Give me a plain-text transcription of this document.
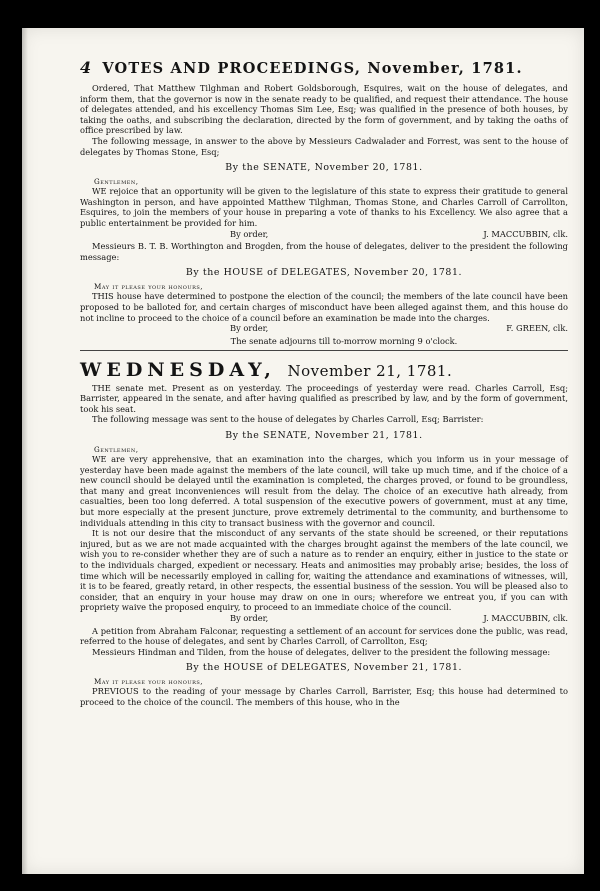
4 VOTES AND PROCEEDINGS, November, 1781.

Ordered, That Matthew Tilghman and Robert Goldsborough, Esquires, wait on the house of delegates, and inform them, that the governor is now in the senate ready to be qualified, and request their attendance. The house of delegates attended, and his excellency Thomas Sim Lee, Esq; was qualified in the presence of both houses, by taking the oaths, and subscribing the declaration, directed by the form of government, and by taking the oaths of office prescribed by law.

The following message, in answer to the above by Messieurs Cadwalader and Forrest, was sent to the house of delegates by Thomas Stone, Esq;

By the SENATE, November 20, 1781.
Gentlemen,

WE rejoice that an opportunity will be given to the legislature of this state to express their gratitude to general Washington in person, and have appointed Matthew Tilghman, Thomas Stone, and Charles Carroll of Carrollton, Esquires, to join the members of your house in preparing a vote of thanks to his Excellency. We also agree that a public entertainment be provided for him.

By order,	J. MACCUBBIN, clk.

Messieurs B. T. B. Worthington and Brogden, from the house of delegates, deliver to the president the following message:

By the HOUSE of DELEGATES, November 20, 1781.
May it please your honours,

THIS house have determined to postpone the election of the council; the members of the late council have been proposed to be balloted for, and certain charges of misconduct have been alleged against them, and this house do not incline to proceed to the choice of a council before an examination be made into the charges.

By order,	F. GREEN, clk.
The senate adjourns till to-morrow morning 9 o'clock.
WEDNESDAY, November 21, 1781.

THE senate met. Present as on yesterday. The proceedings of yesterday were read. Charles Carroll, Esq; Barrister, appeared in the senate, and after having qualified as prescribed by law, and by the form of government, took his seat.

The following message was sent to the house of delegates by Charles Carroll, Esq; Barrister:

By the SENATE, November 21, 1781.
Gentlemen,

WE are very apprehensive, that an examination into the charges, which you inform us in your message of yesterday have been made against the members of the late council, will take up much time, and if the choice of a new council should be delayed until the examination is completed, the charges proved, or found to be groundless, that many and great inconveniences will result from the delay. The choice of an executive hath already, from casualties, been too long deferred. A total suspension of the executive powers of government, must at any time, but more especially at the present juncture, prove extremely detrimental to the community, and burthensome to individuals attending in this city to transact business with the governor and council.

It is not our desire that the misconduct of any servants of the state should be screened, or their reputations injured, but as we are not made acquainted with the charges brought against the members of the late council, we wish you to re-consider whether they are of such a nature as to render an enquiry, either in justice to the state or to the individuals charged, expedient or necessary. Heats and animosities may probably arise; besides, the loss of time which will be necessarily employed in calling for, waiting the attendance and examinations of witnesses, will, it is to be feared, greatly retard, in other respects, the essential business of the session. You will be pleased also to consider, that an enquiry in your house may draw on one in ours; wherefore we entreat you, if you can with propriety waive the proposed enquiry, to proceed to an immediate choice of the council.

By order,	J. MACCUBBIN, clk.

A petition from Abraham Falconar, requesting a settlement of an account for services done the public, was read, referred to the house of delegates, and sent by Charles Carroll, of Carrollton, Esq;

Messieurs Hindman and Tilden, from the house of delegates, deliver to the president the following message:

By the HOUSE of DELEGATES, November 21, 1781.
May it please your honours,

PREVIOUS to the reading of your message by Charles Carroll, Barrister, Esq; this house had determined to proceed to the choice of the council. The members of this house, who in the
